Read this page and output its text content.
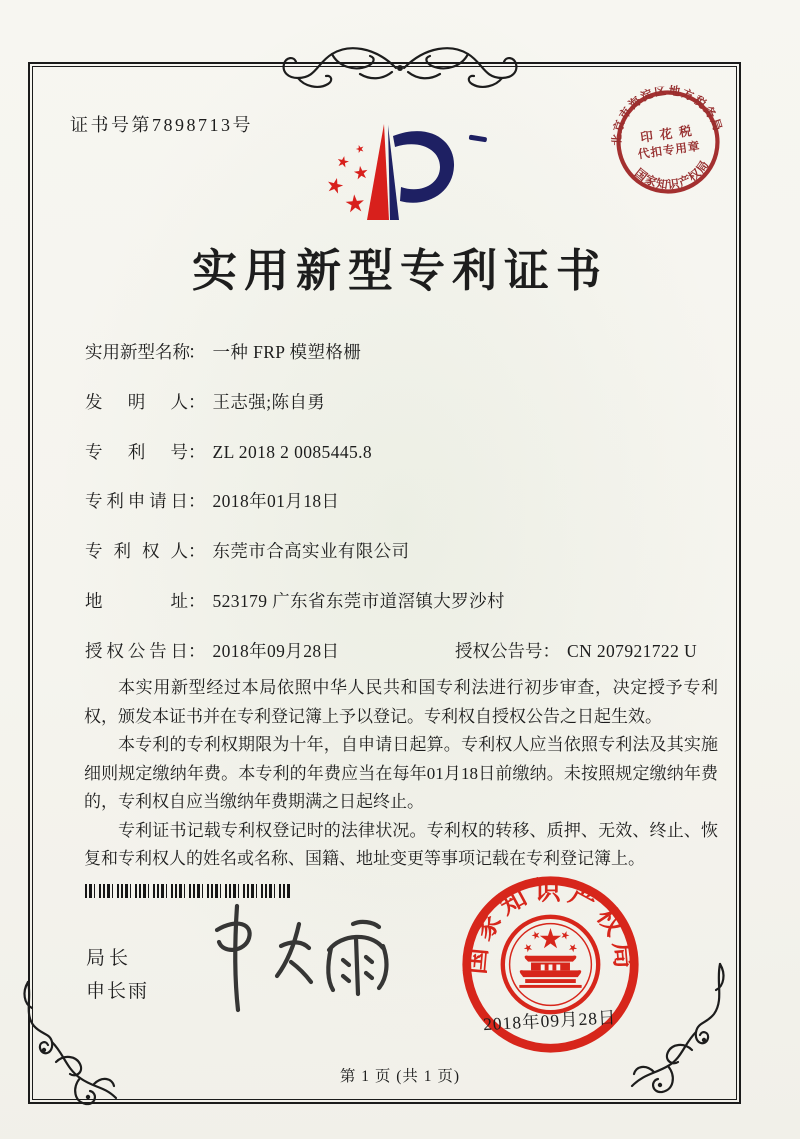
证书号第7898713号
实用新型专利证书
实用新型名称： 一种 FRP 模塑格栅
发明人： 王志强;陈自勇
专利号： ZL 2018 2 0085445.8
专利申请日： 2018年01月18日
专利权人： 东莞市合高实业有限公司
地址： 523179 广东省东莞市道滘镇大罗沙村
授权公告日： 2018年09月28日	授权公告号： CN 207921722 U

本实用新型经过本局依照中华人民共和国专利法进行初步审查，决定授予专利权，颁发本证书并在专利登记簿上予以登记。专利权自授权公告之日起生效。

本专利的专利权期限为十年，自申请日起算。专利权人应当依照专利法及其实施细则规定缴纳年费。本专利的年费应当在每年01月18日前缴纳。未按照规定缴纳年费的，专利权自应当缴纳年费期满之日起终止。

专利证书记载专利权登记时的法律状况。专利权的转移、质押、无效、终止、恢复和专利权人的姓名或名称、国籍、地址变更等事项记载在专利登记簿上。

局长
申长雨
国家知识产权局
2018年09月28日
北京市海淀区地方税务局
国家知识产权局
印 花 税
代扣专用章
第 1 页 (共 1 页)
